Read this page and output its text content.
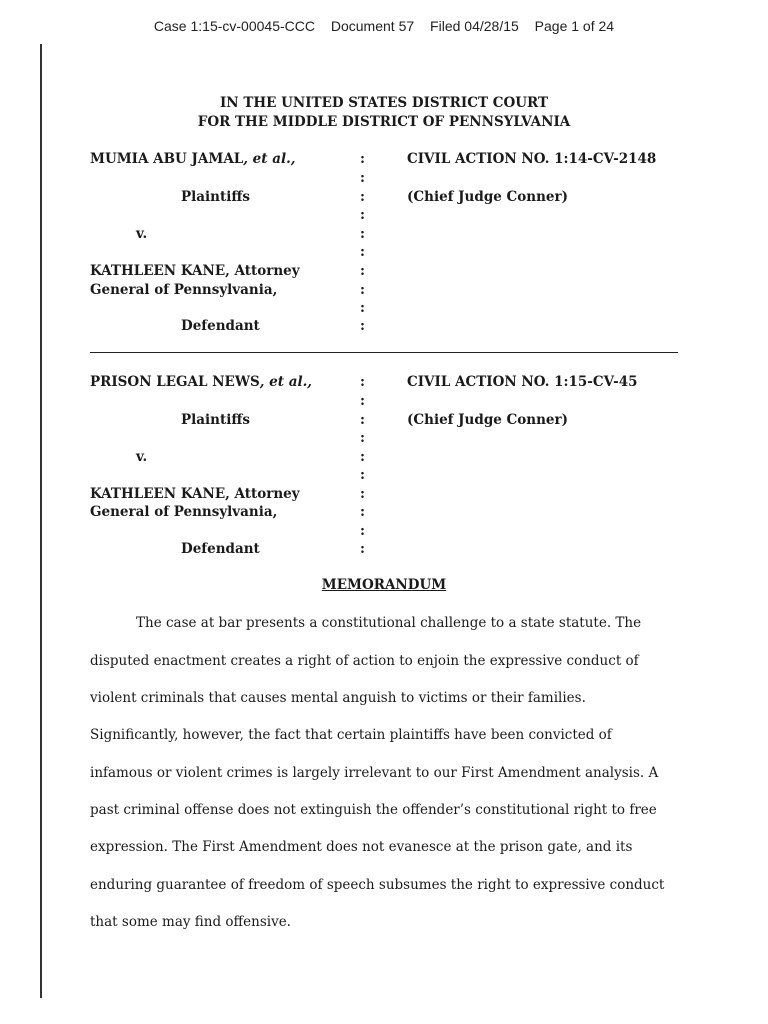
Case 1:15-cv-00045-CCC Document 57 Filed 04/28/15 Page 1 of 24
IN THE UNITED STATES DISTRICT COURT
FOR THE MIDDLE DISTRICT OF PENNSYLVANIA
MUMIA ABU JAMAL, et al.,
Plaintiffs
v.
KATHLEEN KANE, Attorney
General of Pennsylvania,
Defendant
CIVIL ACTION NO. 1:14-CV-2148
(Chief Judge Conner)
:
:
:
:
:
:
:
:
:
:
PRISON LEGAL NEWS, et al.,
Plaintiffs
v.
KATHLEEN KANE, Attorney
General of Pennsylvania,
Defendant
CIVIL ACTION NO. 1:15-CV-45
(Chief Judge Conner)
:
:
:
:
:
:
:
:
:
:
MEMORANDUM
The case at bar presents a constitutional challenge to a state statute. The
disputed enactment creates a right of action to enjoin the expressive conduct of
violent criminals that causes mental anguish to victims or their families.
Significantly, however, the fact that certain plaintiffs have been convicted of
infamous or violent crimes is largely irrelevant to our First Amendment analysis. A
past criminal offense does not extinguish the offender’s constitutional right to free
expression. The First Amendment does not evanesce at the prison gate, and its
enduring guarantee of freedom of speech subsumes the right to expressive conduct
that some may find offensive.
